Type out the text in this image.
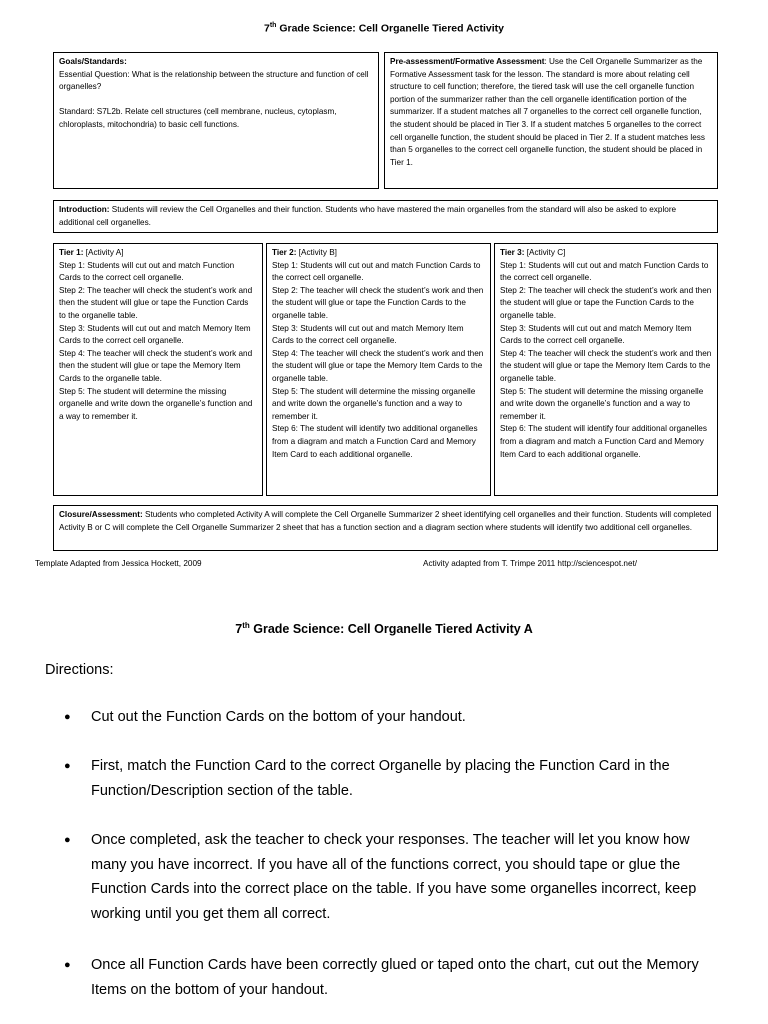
7th Grade Science: Cell Organelle Tiered Activity
Goals/Standards:
Essential Question: What is the relationship between the structure and function of cell organelles?

Standard: S7L2b. Relate cell structures (cell membrane, nucleus, cytoplasm, chloroplasts, mitochondria) to basic cell functions.
Pre-assessment/Formative Assessment: Use the Cell Organelle Summarizer as the Formative Assessment task for the lesson. The standard is more about relating cell structure to cell function; therefore, the tiered task will use the cell organelle function portion of the summarizer rather than the cell organelle identification portion of the summarizer. If a student matches all 7 organelles to the correct cell organelle function, the student should be placed in Tier 3. If a student matches 5 organelles to the correct cell organelle function, the student should be placed in Tier 2. If a student matches less than 5 organelles to the correct cell organelle function, the student should be placed in Tier 1.
Introduction: Students will review the Cell Organelles and their function. Students who have mastered the main organelles from the standard will also be asked to explore additional cell organelles.
Tier 1: [Activity A]
Step 1: Students will cut out and match Function Cards to the correct cell organelle.
Step 2: The teacher will check the student’s work and then the student will glue or tape the Function Cards to the organelle table.
Step 3: Students will cut out and match Memory Item Cards to the correct cell organelle.
Step 4: The teacher will check the student’s work and then the student will glue or tape the Memory Item Cards to the organelle table.
Step 5: The student will determine the missing organelle and write down the organelle’s function and a way to remember it.
Tier 2: [Activity B]
Step 1: Students will cut out and match Function Cards to the correct cell organelle.
Step 2: The teacher will check the student’s work and then the student will glue or tape the Function Cards to the organelle table.
Step 3: Students will cut out and match Memory Item Cards to the correct cell organelle.
Step 4: The teacher will check the student’s work and then the student will glue or tape the Memory Item Cards to the organelle table.
Step 5: The student will determine the missing organelle and write down the organelle’s function and a way to remember it.
Step 6: The student will identify two additional organelles from a diagram and match a Function Card and Memory Item Card to each additional organelle.
Tier 3: [Activity C]
Step 1: Students will cut out and match Function Cards to the correct cell organelle.
Step 2: The teacher will check the student’s work and then the student will glue or tape the Function Cards to the organelle table.
Step 3: Students will cut out and match Memory Item Cards to the correct cell organelle.
Step 4: The teacher will check the student’s work and then the student will glue or tape the Memory Item Cards to the organelle table.
Step 5: The student will determine the missing organelle and write down the organelle’s function and a way to remember it.
Step 6: The student will identify four additional organelles from a diagram and match a Function Card and Memory Item Card to each additional organelle.
Closure/Assessment: Students who completed Activity A will complete the Cell Organelle Summarizer 2 sheet identifying cell organelles and their function. Students will completed Activity B or C will complete the Cell Organelle Summarizer 2 sheet that has a function section and a diagram section where students will identify two additional cell organelles.
Template Adapted from Jessica Hockett, 2009	Activity adapted from T. Trimpe 2011 http://sciencespot.net/
7th Grade Science: Cell Organelle Tiered Activity A
Directions:
● Cut out the Function Cards on the bottom of your handout.
● First, match the Function Card to the correct Organelle by placing the Function Card in the Function/Description section of the table.
● Once completed, ask the teacher to check your responses. The teacher will let you know how many you have incorrect. If you have all of the functions correct, you should tape or glue the Function Cards into the correct place on the table. If you have some organelles incorrect, keep working until you get them all correct.
● Once all Function Cards have been correctly glued or taped onto the chart, cut out the Memory Items on the bottom of your handout.
